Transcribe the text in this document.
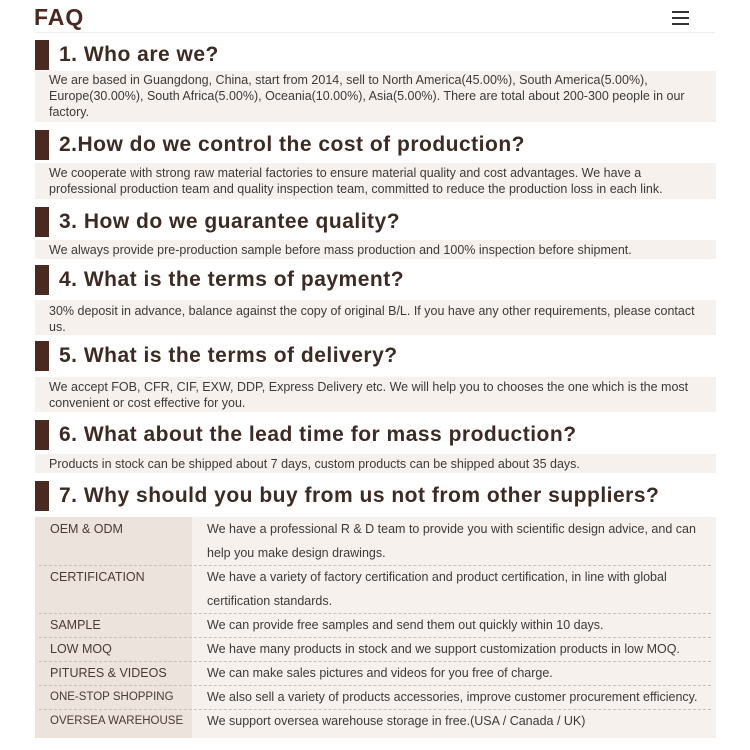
FAQ
1. Who are we?
We are based in Guangdong, China, start from 2014, sell to North America(45.00%), South America(5.00%), Europe(30.00%), South Africa(5.00%), Oceania(10.00%), Asia(5.00%). There are total about 200-300 people in our factory.
2.How do we control the cost of production?
We cooperate with strong raw material factories to ensure material quality and cost advantages. We have a professional production team and quality inspection team, committed to reduce the production loss in each link.
3. How do we guarantee quality?
We always provide pre-production sample before mass production and 100% inspection before shipment.
4. What is the terms of payment?
30% deposit in advance, balance against the copy of original B/L. If you have any other requirements, please contact us.
5. What is the terms of delivery?
We accept FOB, CFR, CIF, EXW, DDP, Express Delivery etc. We will help you to chooses the one which is the most convenient or cost effective for you.
6. What about the lead time for mass production?
Products in stock can be shipped about 7 days, custom products can be shipped about 35 days.
7. Why should you buy from us not from other suppliers?
OEM & ODM	We have a professional R & D team to provide you with scientific design advice, and can help you make design drawings.
CERTIFICATION	We have a variety of factory certification and product certification, in line with global certification standards.
SAMPLE	We can provide free samples and send them out quickly within 10 days.
LOW MOQ	We have many products in stock and we support customization products in low MOQ.
PITURES & VIDEOS	We can make sales pictures and videos for you free of charge.
ONE-STOP SHOPPING	We also sell a variety of products accessories, improve customer procurement efficiency.
OVERSEA WAREHOUSE We support oversea warehouse storage in free.(USA / Canada / UK)
